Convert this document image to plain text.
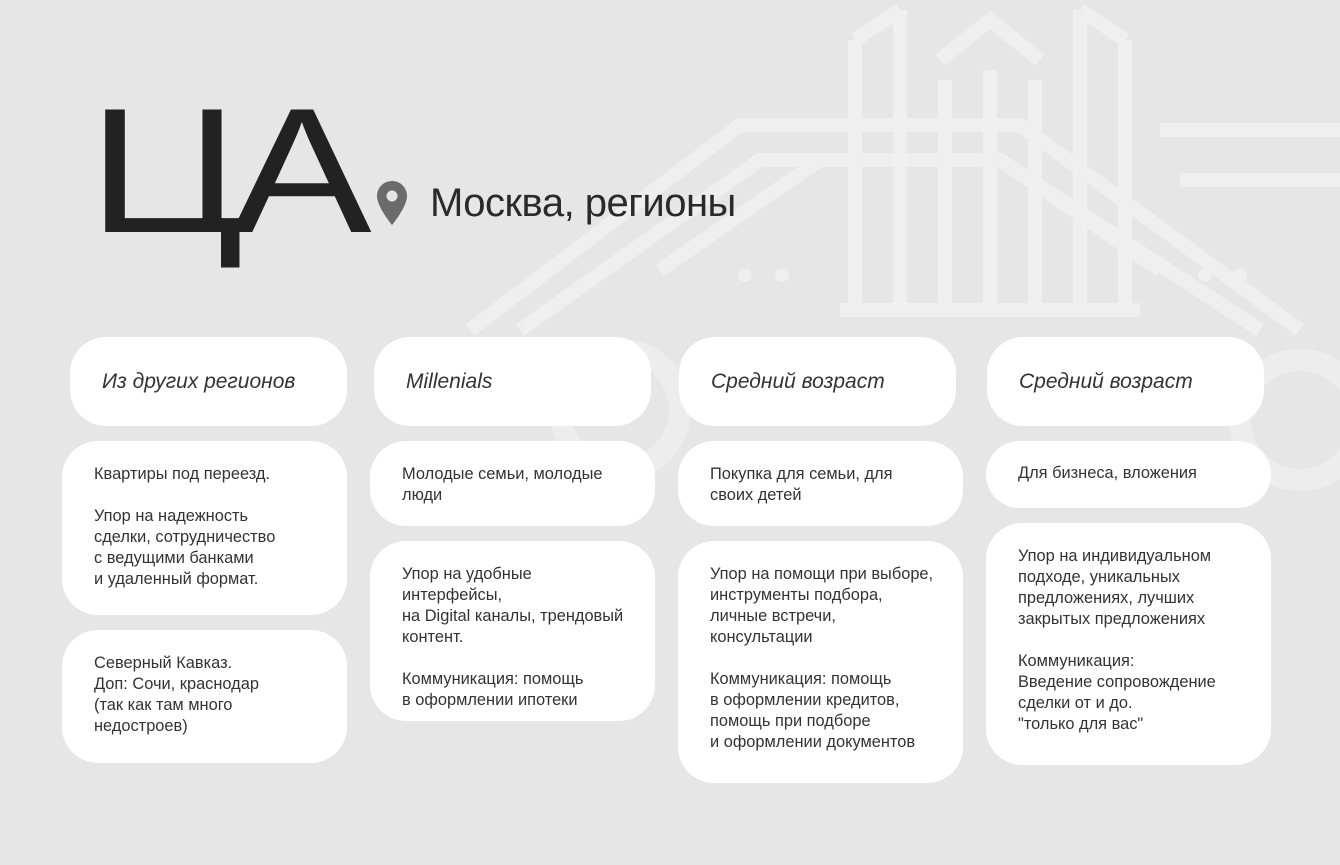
ЦА Москва, регионы
Из других регионов
Квартиры под переезд.

Упор на надежность
сделки, сотрудничество
с ведущими банками
и удаленный формат.
Северный Кавказ.
Доп: Сочи, краснодар
(так как там много
недостроев)
Millenials
Молодые семьи, молодые
люди
Упор на удобные интерфейсы,
на Digital каналы, трендовый
контент.

Коммуникация: помощь
в оформлении ипотеки
Средний возраст
Покупка для семьи, для
своих детей
Упор на помощи при выборе,
инструменты подбора,
личные встречи,
консультации

Коммуникация: помощь
в оформлении кредитов,
помощь при подборе
и оформлении документов
Средний возраст
Для бизнеса, вложения
Упор на индивидуальном
подходе, уникальных
предложениях, лучших
закрытых предложениях

Коммуникация:
Введение сопровождение
сделки от и до.
"только для вас"
